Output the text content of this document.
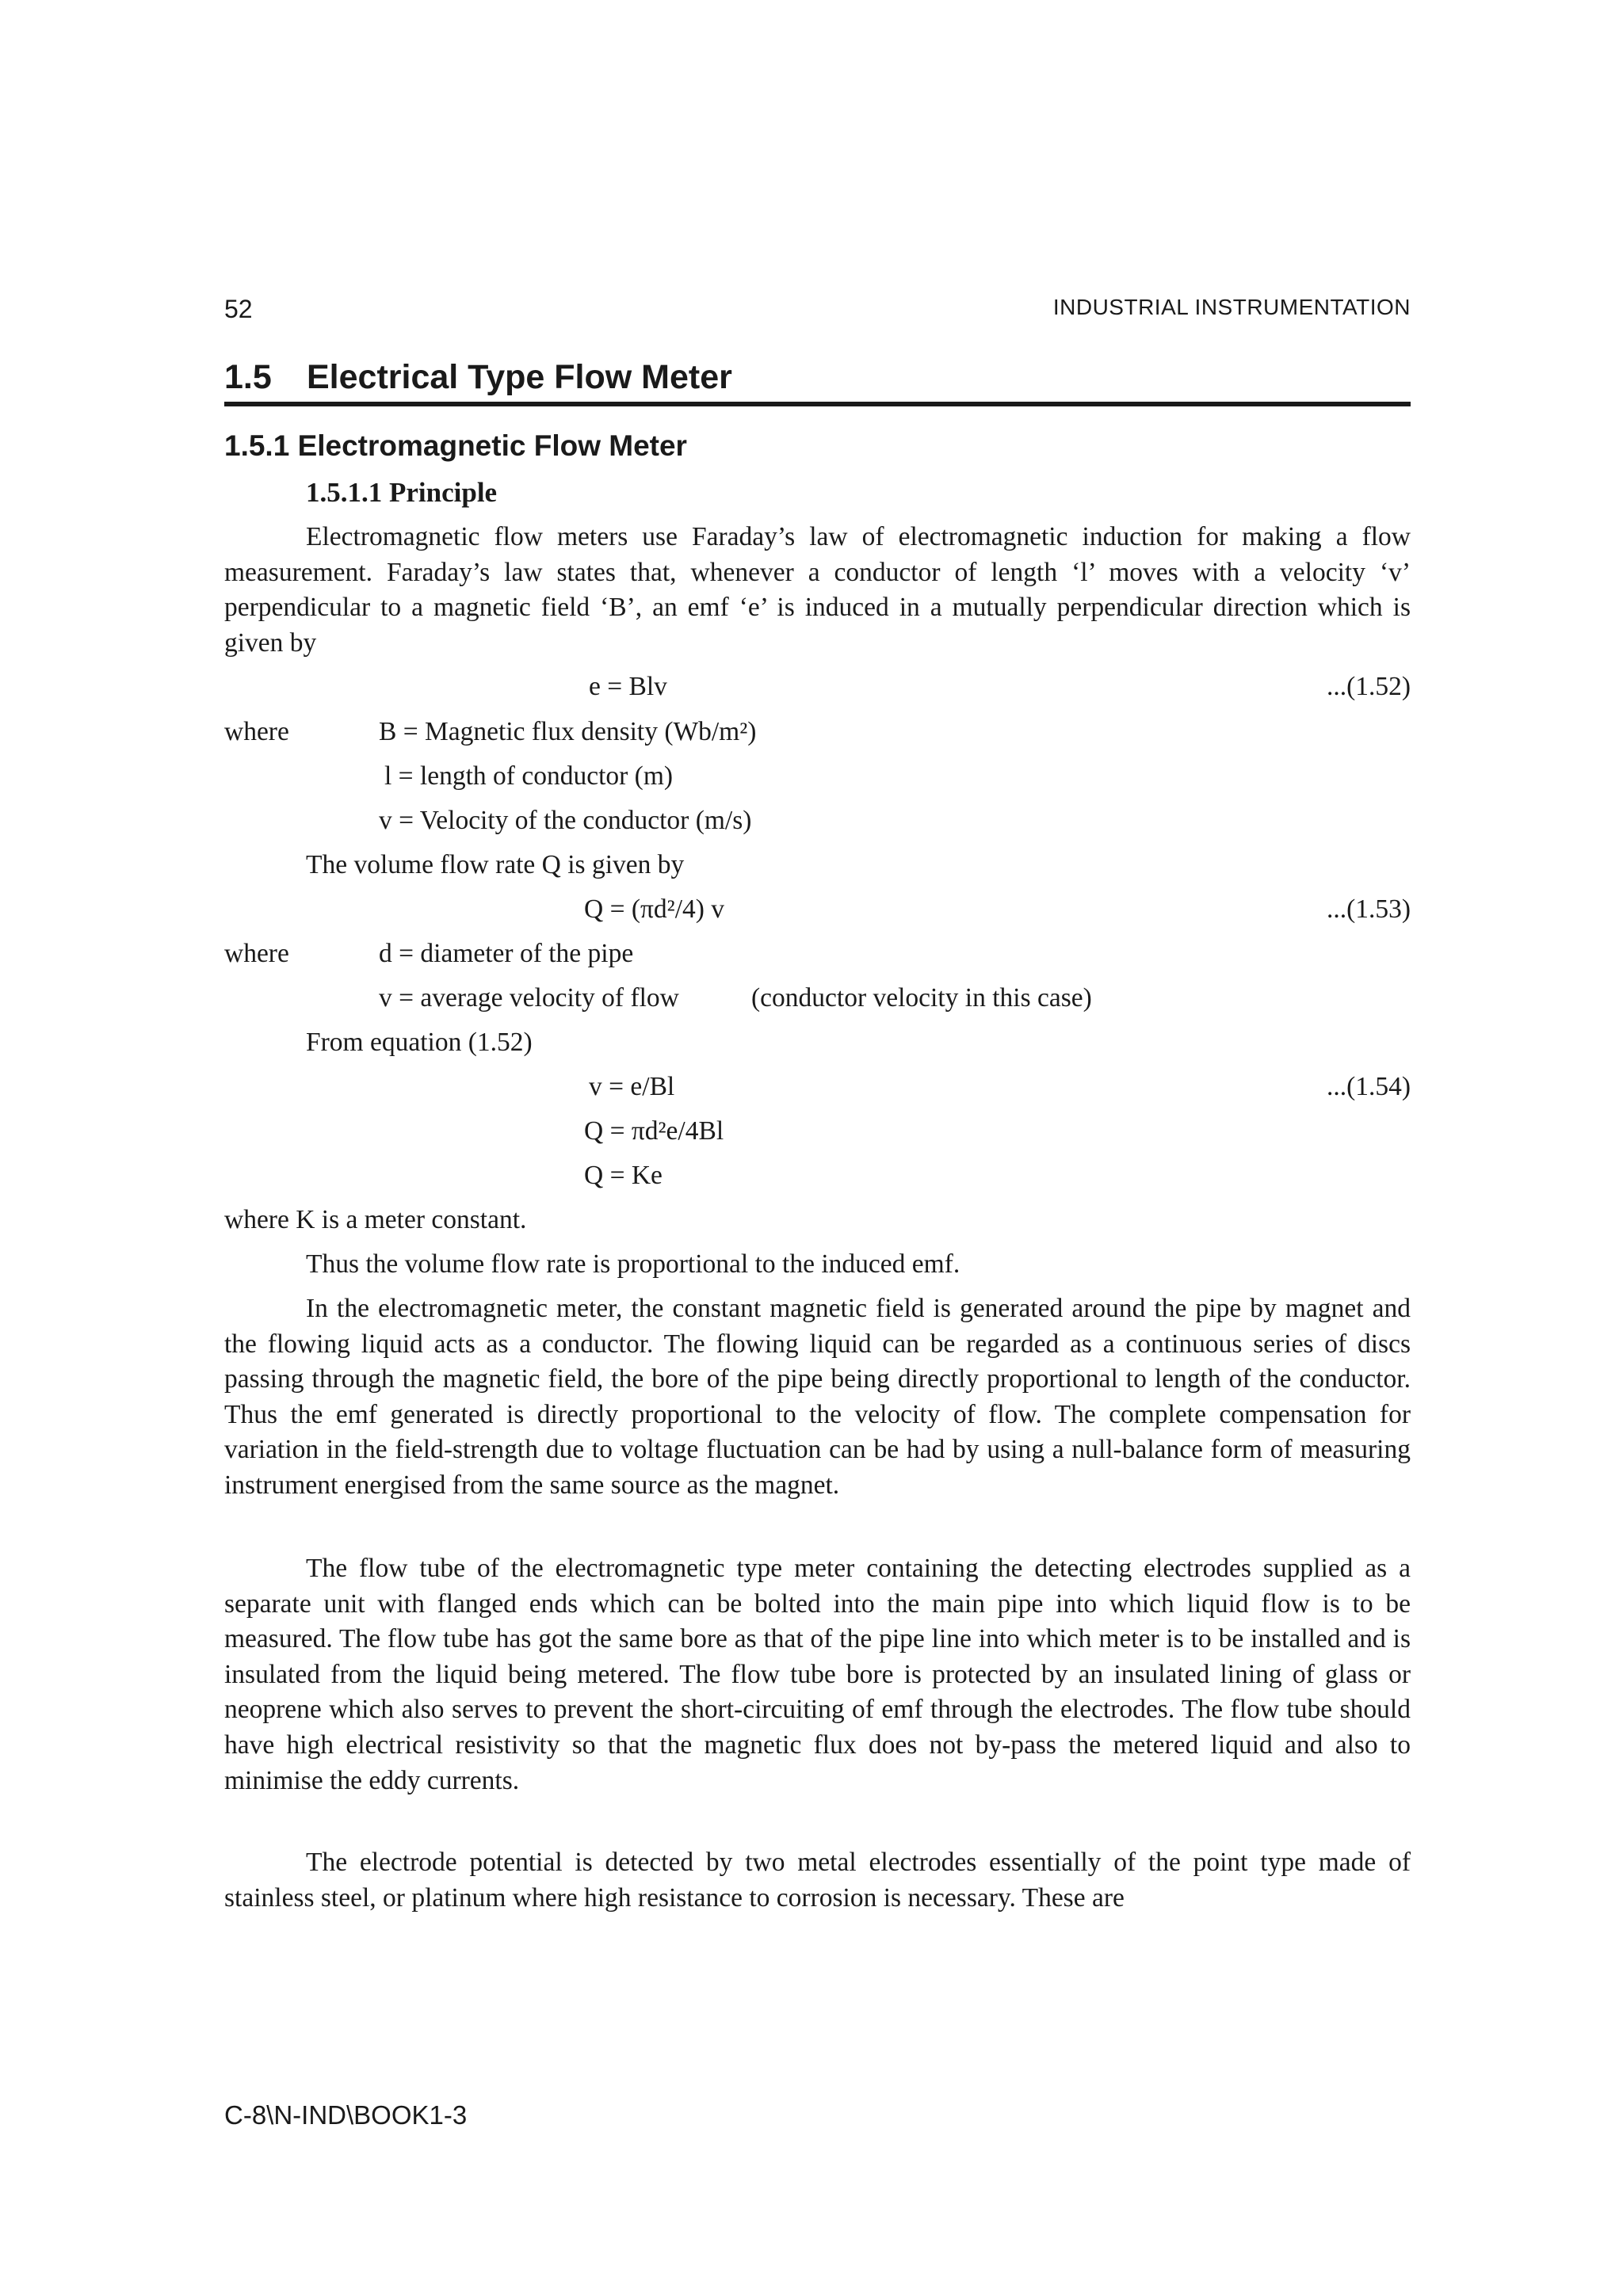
52	INDUSTRIAL INSTRUMENTATION
1.5 Electrical Type Flow Meter
1.5.1 Electromagnetic Flow Meter
1.5.1.1 Principle

Electromagnetic flow meters use Faraday’s law of electromagnetic induction for making a flow measurement. Faraday’s law states that, whenever a conductor of length ‘l’ moves with a velocity ‘v’ perpendicular to a magnetic field ‘B’, an emf ‘e’ is induced in a mutually perpendicular direction which is given by

e = Blv	...(1.52)
where	B = Magnetic flux density (Wb/m²)
l = length of conductor (m)
v = Velocity of the conductor (m/s)
The volume flow rate Q is given by
Q = (πd²/4) v	...(1.53)
where	d = diameter of the pipe
v = average velocity of flow	(conductor velocity in this case)
From equation (1.52)
v = e/Bl	...(1.54)
Q = πd²e/4Bl
Q = Ke
where K is a meter constant.
Thus the volume flow rate is proportional to the induced emf.

In the electromagnetic meter, the constant magnetic field is generated around the pipe by magnet and the flowing liquid acts as a conductor. The flowing liquid can be regarded as a continuous series of discs passing through the magnetic field, the bore of the pipe being directly proportional to length of the conductor. Thus the emf generated is directly proportional to the velocity of flow. The complete compensation for variation in the field-strength due to voltage fluctuation can be had by using a null-balance form of measuring instrument energised from the same source as the magnet.

The flow tube of the electromagnetic type meter containing the detecting electrodes supplied as a separate unit with flanged ends which can be bolted into the main pipe into which liquid flow is to be measured. The flow tube has got the same bore as that of the pipe line into which meter is to be installed and is insulated from the liquid being metered. The flow tube bore is protected by an insulated lining of glass or neoprene which also serves to prevent the short-circuiting of emf through the electrodes. The flow tube should have high electrical resistivity so that the magnetic flux does not by-pass the metered liquid and also to minimise the eddy currents.

The electrode potential is detected by two metal electrodes essentially of the point type made of stainless steel, or platinum where high resistance to corrosion is necessary. These are

C-8\N-IND\BOOK1-3
